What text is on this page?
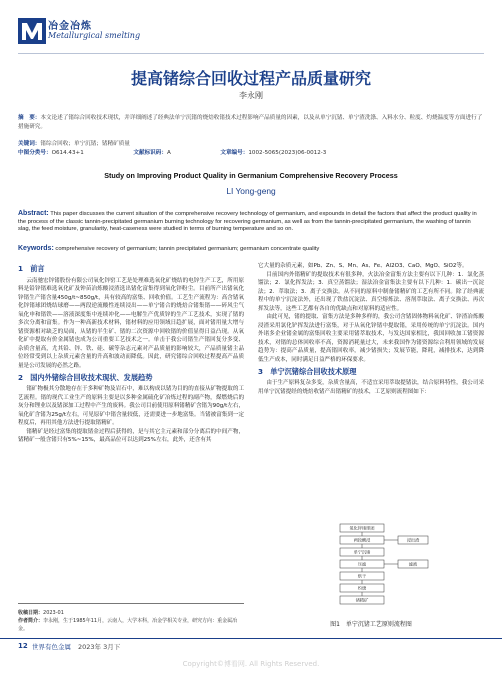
冶金冶炼
Metallurgical smelting
提高锗综合回收过程产品质量研究
李永刚
摘　要：本文论述了锗综合回收技术现状，并详细阐述了经典法单宁沉锗的烧焙收锗技术过程影响产品质量的因素，以及从单宁沉锗、单宁渣洗涤、入料水分、粒度、灼烧温度等方面进行了措施研究。
关键词：锗综合回收；单宁沉锗；锗精矿质量
中图分类号：O614.43+1	文献标识码：A	文章编号：1002-5065(2023)06-0012-3
Study on Improving Product Quality in Germanium Comprehensive Recovery Process
LI Yong-geng
Abstract: This paper discusses the current situation of the comprehensive recovery technology of germanium, and expounds in detail the factors that affect the product quality in the process of the classic tannin-precipitated germanium burning technology for recovering germanium, as well as from the tannin-precipitated germanium, the washing of tannin slag, the feed moisture, granularity, heat-caseness were studied in terms of burning temperature and so on.
Keywords: comprehensive recovery of germanium; tannin precipitated germanium; germanium concentrate quality
1　前言
云南驰宏锌锗股份有限公司氧化锌窑工艺是处理难选氧化矿烧结的电锌生产工艺，所用原料是铅锌锗难选氧化矿及钟苗冶炼酸浸渣选出锗化富集得到氧化锌粉尘。目前所产出锗氧化锌锗生产锗含量450g/t~850g/t，具有较高的富集、回收价值。工艺生产流程为：高含锗氧化锌锗球团烧结球磨——两段逆流酸性连续浸出——单宁锗合的烧焙合锗集锗——碎风尘气氧化申和锗铁——溶液深度集中连续冲化——电解生产优质锌的生产工艺技术，实现了锗的多次分离和富集。作为一种高新技术材料，锗材料的应用领域日趋扩展，面对锗用量大增与锗资源相对缺乏的局面，从锗的半生矿、锗的二次资源中回收锗的价值显得日益凸现。从氧化矿中提取有价金属锗也成为公司重要工艺技术之一。单击于我公司锗生产锗回复分多变、杂质含量高，尤其铅、锌、铁、硅、碳等杂志元素对产品质量的影响较大，产品质量锗主品位经常受到以上杂质元素含量的升高和波动而降低。因此，研究锗综合回收过程提高产品质量是公司发展的必然之路。
2　国内外锗综合回收技术现状、发展趋势
锗矿物极其分散地存在于多种矿物及岩石中，难以构成以锗为目的的直接从矿物提取的工艺流程。锗的现代工业生产的原料主要是以多种金属硫化矿冶炼过程的副产物，煤燃烧后的灰分和锂业以及锗深加工过程中产生的废料。我公司目前使用原料锗精矿含锗为90g/t左右，氧化矿含锗为25g/t左右，可见原矿中锗含量较低，还需要进一步地富集。当锗被富集到一定程度后，再用其他方法进行提取锗精矿。
锗精矿是经过富集的提取锗金过程后获得的，是与其它主元素和部分分离后的中间产物，锗精矿一般含锗只有5%~15%，最高品位可以达到25%左右，此外，还含有其
它大量的杂质元素，如Pb、Zn、S、Mn、As、Fe、Al2O3、CaO、MgO、SiO2等。
目前国内外锗精矿的提取技术有很多种，火法冶金富集方法主要有以下几种：1．氯化蒸馏法；2．氯化挥发法；3．真空蒸馏法；湿法冶金富集法主要有以下几种：1．碳出一沉淀法；2．萃取法；3．离子交换法。从不同的原料中制备锗精矿的工艺有所不同。除了经典流程中的单宁沉淀法外，还出现了铁盐沉淀法、真空熔炼法、溶剂萃取法、离子交换法、再次挥发法等，这些工艺都有各自的优缺点和对原料的适应性。
由此可见，锗的提取、富集方法是多种多样的，我公司含锗固体物料氧化矿、锌渣冶炼酸浸渣采用氯化铲挥发法进行富集，对于从氧化锌锗中提取锗，采用传统的单宁沉淀法。国内外诸多企业锗金属的富集回收主要采用锗萃取技术，与发达国家相比，我国回收加工锗资源技术，对锗的总体回收率不高，资源消耗量过大，未来我国作为锗资源综合利用领域的发展趋势为：提高产品质量，提高锗回收率，减少锗损失；发展节能，降耗，减排技术，达到降低生产成本，同时满足日益严格的环保要求。
3　单宁沉锗综合回收技术原理
由于生产原料复杂多变，杂质含量高，不适宜采用萃取提锗法，结合原料特性，我公司采用单宁沉锗提经的烧焙收锗产出锗精矿的技术，工艺原则流程图如下：
氧化锌锗球团
两段酸浸	浸出渣
单宁沉锗
压滤	滤液
烘干
灼烧
锗精矿
图1　单宁沉锗工艺原则流程图
收稿日期：2023-01
作者简介：李永刚，生于1985年11月，云南人，大学本科，冶金学相关专业，研究方向：重金属冶金。
12 世界有色金属 2023年 3月下
Copyright©博看网. All Rights Reserved.
